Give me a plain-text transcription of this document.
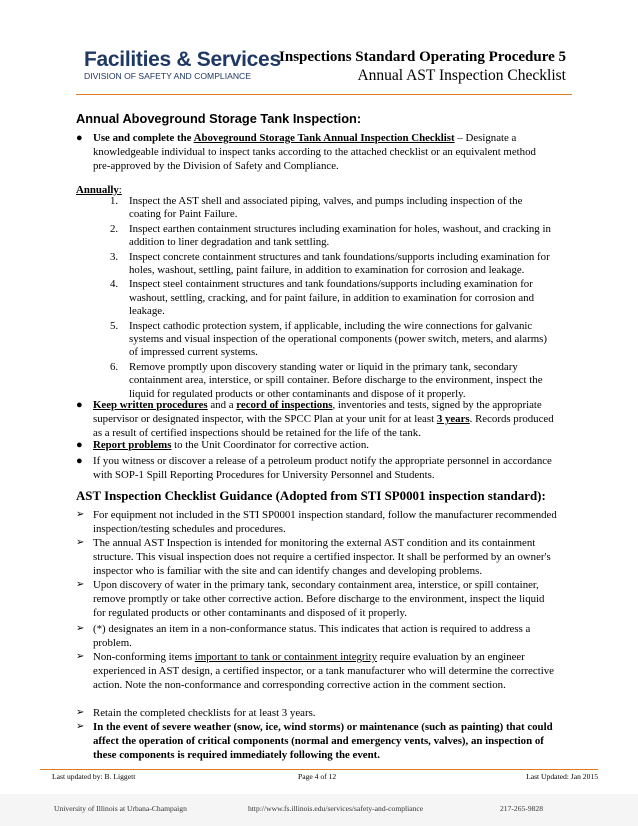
Facilities & Services
DIVISION OF SAFETY AND COMPLIANCE
Inspections Standard Operating Procedure 5
Annual AST Inspection Checklist
Annual Aboveground Storage Tank Inspection:
● Use and complete the Aboveground Storage Tank Annual Inspection Checklist – Designate a knowledgeable individual to inspect tanks according to the attached checklist or an equivalent method pre-approved by the Division of Safety and Compliance.
Annually:
1. Inspect the AST shell and associated piping, valves, and pumps including inspection of the coating for Paint Failure.
2. Inspect earthen containment structures including examination for holes, washout, and cracking in addition to liner degradation and tank settling.
3. Inspect concrete containment structures and tank foundations/supports including examination for holes, washout, settling, paint failure, in addition to examination for corrosion and leakage.
4. Inspect steel containment structures and tank foundations/supports including examination for washout, settling, cracking, and for paint failure, in addition to examination for corrosion and leakage.
5. Inspect cathodic protection system, if applicable, including the wire connections for galvanic systems and visual inspection of the operational components (power switch, meters, and alarms) of impressed current systems.
6. Remove promptly upon discovery standing water or liquid in the primary tank, secondary containment area, interstice, or spill container. Before discharge to the environment, inspect the liquid for regulated products or other contaminants and dispose of it properly.
● Keep written procedures and a record of inspections, inventories and tests, signed by the appropriate supervisor or designated inspector, with the SPCC Plan at your unit for at least 3 years. Records produced as a result of certified inspections should be retained for the life of the tank.
● Report problems to the Unit Coordinator for corrective action.
● If you witness or discover a release of a petroleum product notify the appropriate personnel in accordance with SOP-1 Spill Reporting Procedures for University Personnel and Students.
AST Inspection Checklist Guidance (Adopted from STI SP0001 inspection standard):
➢ For equipment not included in the STI SP0001 inspection standard, follow the manufacturer recommended inspection/testing schedules and procedures.
➢ The annual AST Inspection is intended for monitoring the external AST condition and its containment structure. This visual inspection does not require a certified inspector. It shall be performed by an owner's inspector who is familiar with the site and can identify changes and developing problems.
➢ Upon discovery of water in the primary tank, secondary containment area, interstice, or spill container, remove promptly or take other corrective action. Before discharge to the environment, inspect the liquid for regulated products or other contaminants and disposed of it properly.
➢ (*) designates an item in a non-conformance status. This indicates that action is required to address a problem.
➢ Non-conforming items important to tank or containment integrity require evaluation by an engineer experienced in AST design, a certified inspector, or a tank manufacturer who will determine the corrective action. Note the non-conformance and corresponding corrective action in the comment section.
➢ Retain the completed checklists for at least 3 years.
➢ In the event of severe weather (snow, ice, wind storms) or maintenance (such as painting) that could affect the operation of critical components (normal and emergency vents, valves), an inspection of these components is required immediately following the event.
Last updated by: B. Liggett	Page 4 of 12	Last Updated: Jan 2015
University of Illinois at Urbana-Champaign	http://www.fs.illinois.edu/services/safety-and-compliance	217-265-9828
